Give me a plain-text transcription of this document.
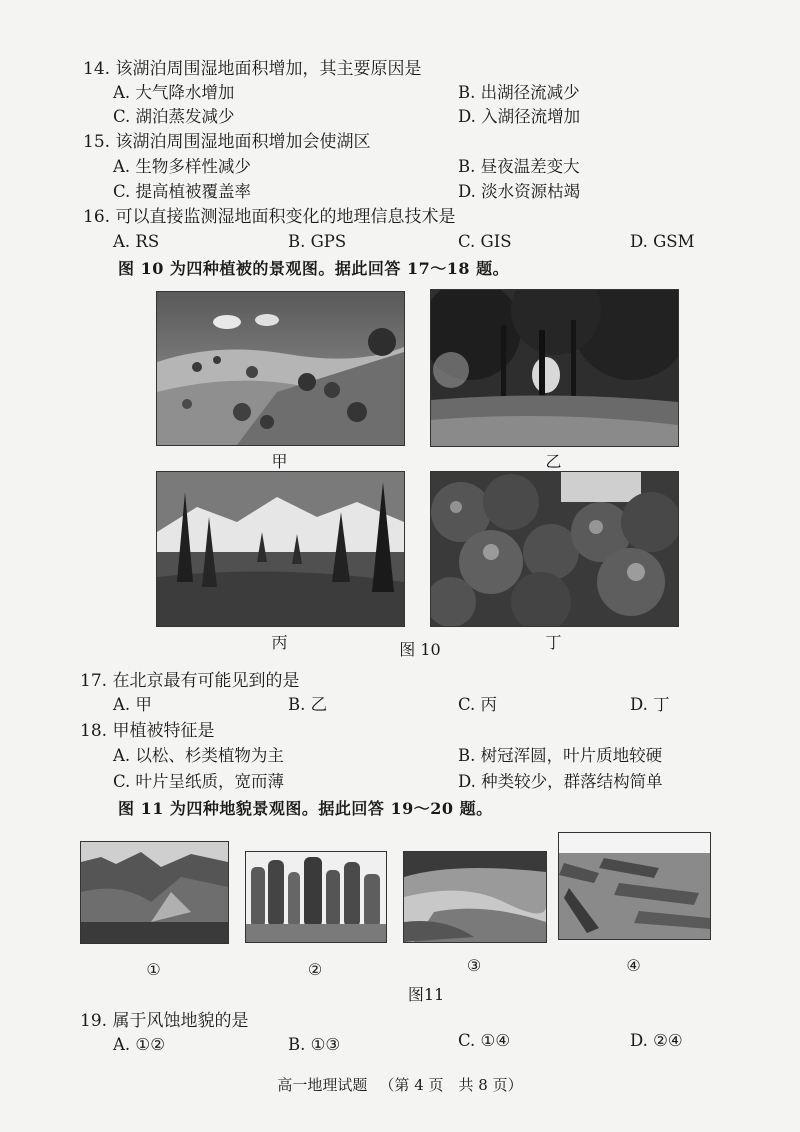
14. 该湖泊周围湿地面积增加，其主要原因是
A. 大气降水增加	B. 出湖径流减少
C. 湖泊蒸发减少	D. 入湖径流增加
15. 该湖泊周围湿地面积增加会使湖区
A. 生物多样性减少	B. 昼夜温差变大
C. 提高植被覆盖率	D. 淡水资源枯竭
16. 可以直接监测湿地面积变化的地理信息技术是
A. RS	B. GPS	C. GIS	D. GSM
图 10 为四种植被的景观图。据此回答 17～18 题。
甲	乙
丙	图 10	丁
17. 在北京最有可能见到的是
A. 甲	B. 乙	C. 丙	D. 丁
18. 甲植被特征是
A. 以松、杉类植物为主	B. 树冠浑圆，叶片质地较硬
C. 叶片呈纸质，宽而薄	D. 种类较少，群落结构简单
图 11 为四种地貌景观图。据此回答 19～20 题。
①	②	③	④
图11
19. 属于风蚀地貌的是
A. ①②	B. ①③	C. ①④	D. ②④
高一地理试题 （第 4 页　共 8 页）
